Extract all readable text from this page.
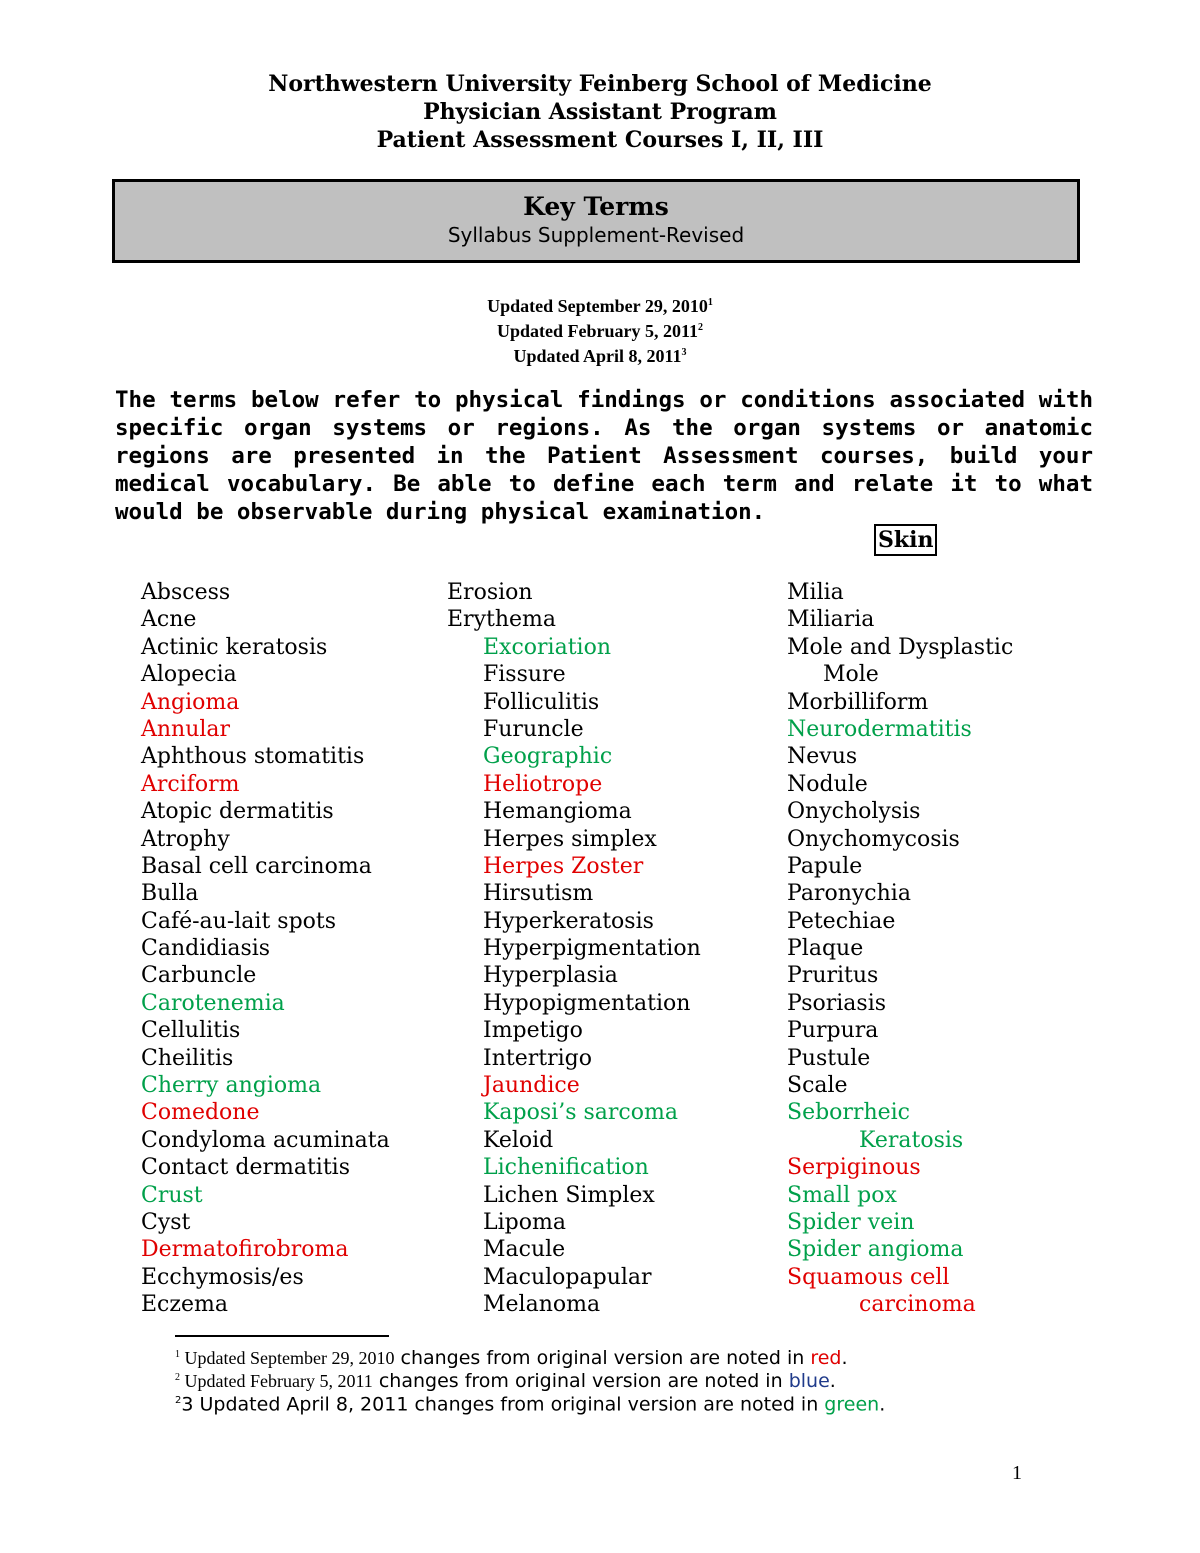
Northwestern University Feinberg School of Medicine
Physician Assistant Program
Patient Assessment Courses I, II, III
Key Terms
Syllabus Supplement-Revised
Updated September 29, 2010$^1$
Updated February 5, 2011$^2$
Updated April 8, 2011$^3$
The terms below refer to physical findings or conditions associated with specific organ systems or regions. As the organ systems or anatomic regions are presented in the Patient Assessment courses, build your medical vocabulary. Be able to define each term and relate it to what would be observable during physical examination.
Skin
Abscess
Acne
Actinic keratosis
Alopecia
Angioma
Annular
Aphthous stomatitis
Arciform
Atopic dermatitis
Atrophy
Basal cell carcinoma
Bulla
Café-au-lait spots
Candidiasis
Carbuncle
Carotenemia
Cellulitis
Cheilitis
Cherry angioma
Comedone
Condyloma acuminata
Contact dermatitis
Crust
Cyst
Dermatofirobroma
Ecchymosis/es
Eczema
Erosion
Erythema
Excoriation
Fissure
Folliculitis
Furuncle
Geographic
Heliotrope
Hemangioma
Herpes simplex
Herpes Zoster
Hirsutism
Hyperkeratosis
Hyperpigmentation
Hyperplasia
Hypopigmentation
Impetigo
Intertrigo
Jaundice
Kaposi’s sarcoma
Keloid
Lichenification
Lichen Simplex
Lipoma
Macule
Maculopapular
Melanoma
Milia
Miliaria
Mole and Dysplastic
Mole
Morbilliform
Neurodermatitis
Nevus
Nodule
Onycholysis
Onychomycosis
Papule
Paronychia
Petechiae
Plaque
Pruritus
Psoriasis
Purpura
Pustule
Scale
Seborrheic
Keratosis
Serpiginous
Small pox
Spider vein
Spider angioma
Squamous cell
carcinoma
$^1$ Updated September 29, 2010 changes from original version are noted in red.
$^2$ Updated February 5, 2011 changes from original version are noted in blue.
$^2$3 Updated April 8, 2011 changes from original version are noted in green.
1
